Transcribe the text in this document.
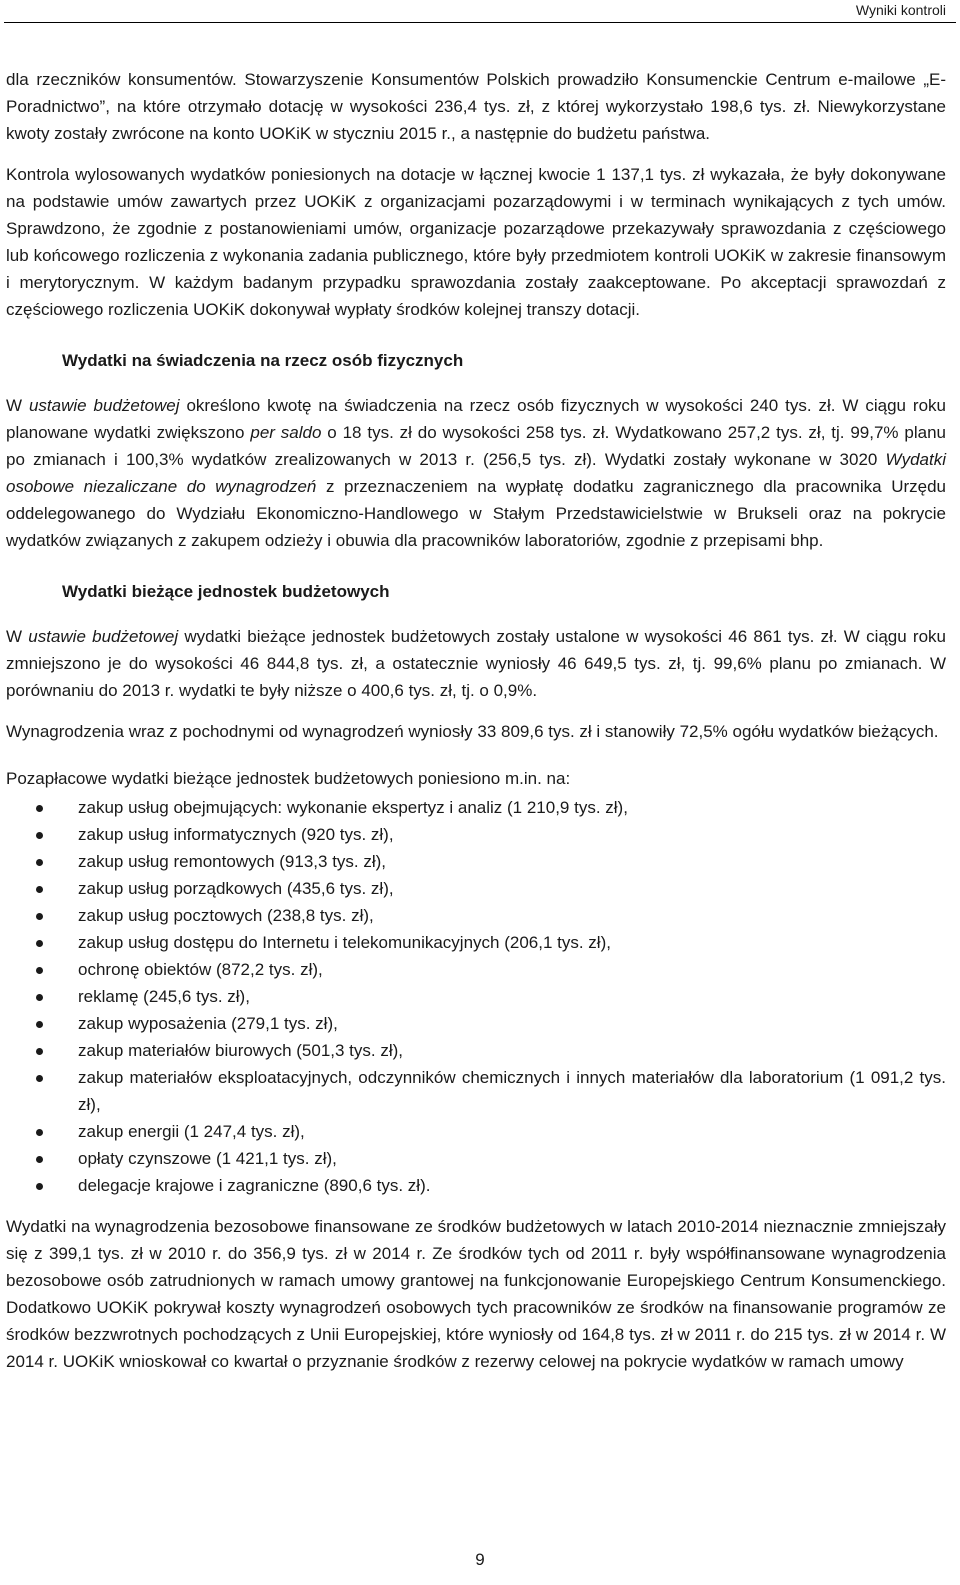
Wyniki kontroli

dla rzeczników konsumentów. Stowarzyszenie Konsumentów Polskich prowadziło Konsumenckie Centrum e-mailowe „E-Poradnictwo”, na które otrzymało dotację w wysokości 236,4 tys. zł, z której wykorzystało 198,6 tys. zł. Niewykorzystane kwoty zostały zwrócone na konto UOKiK w styczniu 2015 r., a następnie do budżetu państwa.

Kontrola wylosowanych wydatków poniesionych na dotacje w łącznej kwocie 1 137,1 tys. zł wykazała, że były dokonywane na podstawie umów zawartych przez UOKiK z organizacjami pozarządowymi i w terminach wynikających z tych umów. Sprawdzono, że zgodnie z postanowieniami umów, organizacje pozarządowe przekazywały sprawozdania z częściowego lub końcowego rozliczenia z wykonania zadania publicznego, które były przedmiotem kontroli UOKiK w zakresie finansowym i merytorycznym. W każdym badanym przypadku sprawozdania zostały zaakceptowane. Po akceptacji sprawozdań z częściowego rozliczenia UOKiK dokonywał wypłaty środków kolejnej transzy dotacji.

Wydatki na świadczenia na rzecz osób fizycznych

W ustawie budżetowej określono kwotę na świadczenia na rzecz osób fizycznych w wysokości 240 tys. zł. W ciągu roku planowane wydatki zwiększono per saldo o 18 tys. zł do wysokości 258 tys. zł. Wydatkowano 257,2 tys. zł, tj. 99,7% planu po zmianach i 100,3% wydatków zrealizowanych w 2013 r. (256,5 tys. zł). Wydatki zostały wykonane w 3020 Wydatki osobowe niezaliczane do wynagrodzeń z przeznaczeniem na wypłatę dodatku zagranicznego dla pracownika Urzędu oddelegowanego do Wydziału Ekonomiczno-Handlowego w Stałym Przedstawicielstwie w Brukseli oraz na pokrycie wydatków związanych z zakupem odzieży i obuwia dla pracowników laboratoriów, zgodnie z przepisami bhp.

Wydatki bieżące jednostek budżetowych

W ustawie budżetowej wydatki bieżące jednostek budżetowych zostały ustalone w wysokości 46 861 tys. zł. W ciągu roku zmniejszono je do wysokości 46 844,8 tys. zł, a ostatecznie wyniosły 46 649,5 tys. zł, tj. 99,6% planu po zmianach. W porównaniu do 2013 r. wydatki te były niższe o 400,6 tys. zł, tj. o 0,9%.

Wynagrodzenia wraz z pochodnymi od wynagrodzeń wyniosły 33 809,6 tys. zł i stanowiły 72,5% ogółu wydatków bieżących.

Pozapłacowe wydatki bieżące jednostek budżetowych poniesiono m.in. na:

zakup usług obejmujących: wykonanie ekspertyz i analiz (1 210,9 tys. zł),
zakup usług informatycznych (920 tys. zł),
zakup usług remontowych (913,3 tys. zł),
zakup usług porządkowych (435,6 tys. zł),
zakup usług pocztowych (238,8 tys. zł),
zakup usług dostępu do Internetu i telekomunikacyjnych (206,1 tys. zł),
ochronę obiektów (872,2 tys. zł),
reklamę (245,6 tys. zł),
zakup wyposażenia (279,1 tys. zł),
zakup materiałów biurowych (501,3 tys. zł),
zakup materiałów eksploatacyjnych, odczynników chemicznych i innych materiałów dla laboratorium (1 091,2 tys. zł),
zakup energii (1 247,4 tys. zł),
opłaty czynszowe (1 421,1 tys. zł),
delegacje krajowe i zagraniczne (890,6 tys. zł).

Wydatki na wynagrodzenia bezosobowe finansowane ze środków budżetowych w latach 2010-2014 nieznacznie zmniejszały się z 399,1 tys. zł w 2010 r. do 356,9 tys. zł w 2014 r. Ze środków tych od 2011 r. były współfinansowane wynagrodzenia bezosobowe osób zatrudnionych w ramach umowy grantowej na funkcjonowanie Europejskiego Centrum Konsumenckiego. Dodatkowo UOKiK pokrywał koszty wynagrodzeń osobowych tych pracowników ze środków na finansowanie programów ze środków bezzwrotnych pochodzących z Unii Europejskiej, które wyniosły od 164,8 tys. zł w 2011 r. do 215 tys. zł w 2014 r. W 2014 r. UOKiK wnioskował co kwartał o przyznanie środków z rezerwy celowej na pokrycie wydatków w ramach umowy

9
